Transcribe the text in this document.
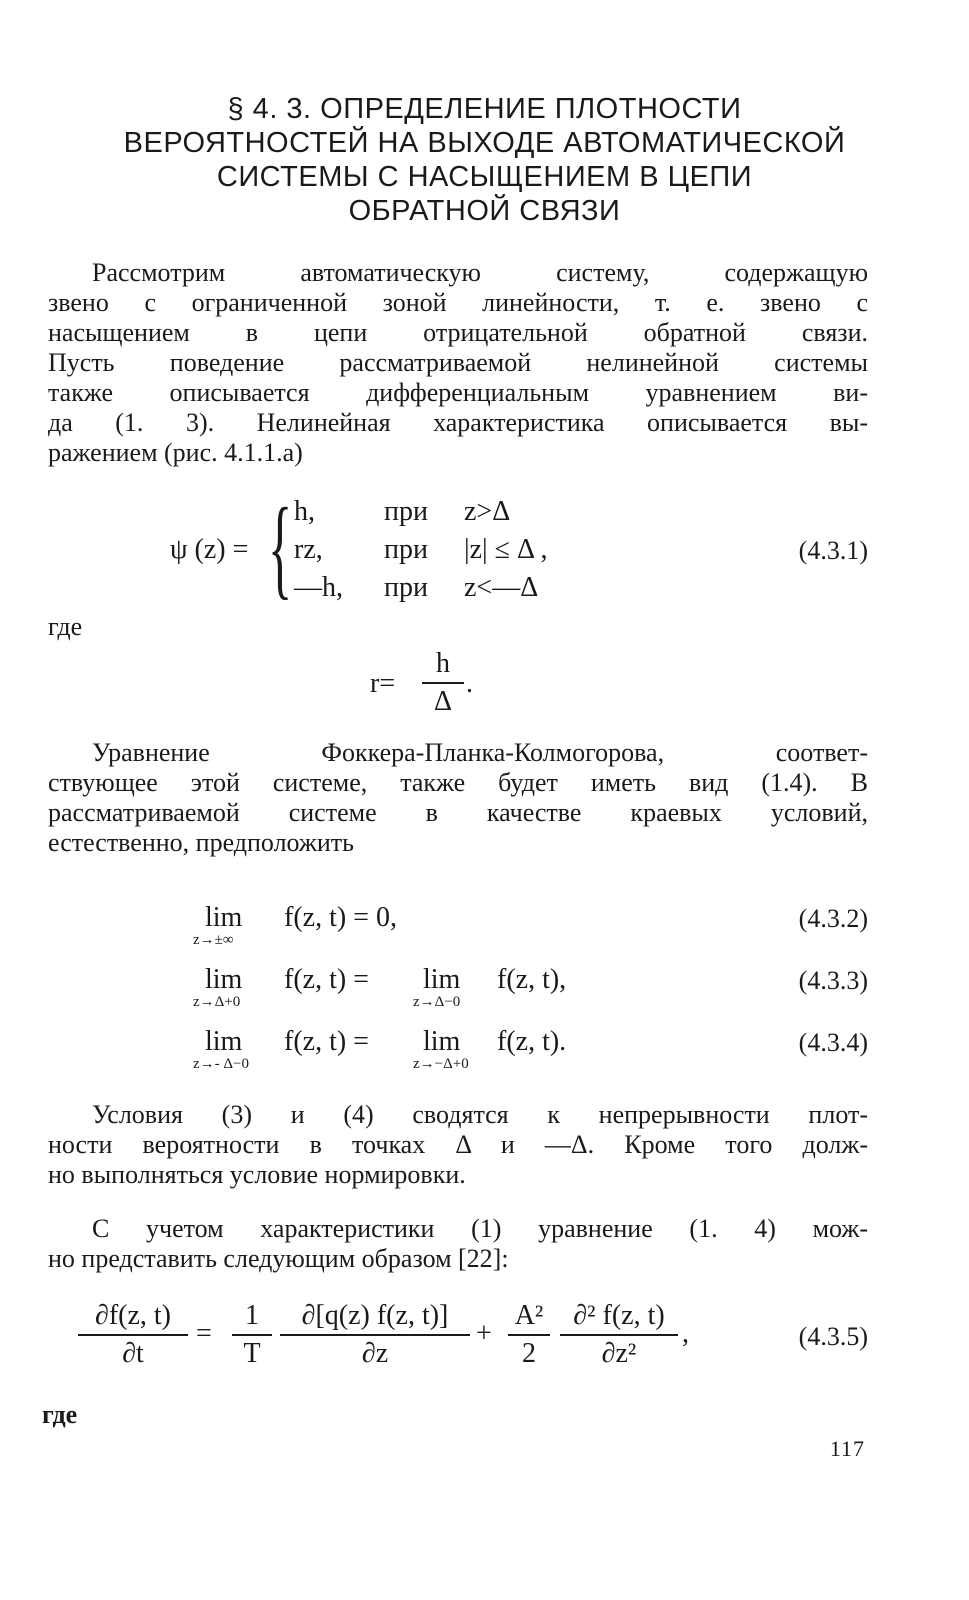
§ 4. 3. ОПРЕДЕЛЕНИЕ ПЛОТНОСТИ
ВЕРОЯТНОСТЕЙ НА ВЫХОДЕ АВТОМАТИЧЕСКОЙ
СИСТЕМЫ С НАСЫЩЕНИЕМ В ЦЕПИ
ОБРАТНОЙ СВЯЗИ
Рассмотрим автоматическую систему, содержащую
звено с ограниченной зоной линейности, т. е. звено с
насыщением в цепи отрицательной обратной связи.
Пусть поведение рассматриваемой нелинейной системы
также описывается дифференциальным уравнением ви-
да (1. 3). Нелинейная характеристика описывается вы-
ражением (рис. 4.1.1.а)
ψ (z) = { h, при z>Δ
rz, при |z| ≤ Δ ,
—h, при z<—Δ
(4.3.1)
где
r=
h
Δ
.
Уравнение Фоккера-Планка-Колмогорова, соответ-
ствующее этой системе, также будет иметь вид (1.4). В
рассматриваемой системе в качестве краевых условий,
естественно, предположить
lim
z→±∞
f(z, t) = 0,	(4.3.2)
lim
z→Δ+0
f(z, t) = lim
z→Δ−0
f(z, t),	(4.3.3)
lim
z→- Δ−0
f(z, t) = lim
z→−Δ+0
f(z, t).	(4.3.4)
Условия (3) и (4) сводятся к непрерывности плот-
ности вероятности в точках Δ и —Δ. Кроме того долж-
но выполняться условие нормировки.
С учетом характеристики (1) уравнение (1. 4) мож-
но представить следующим образом [22]:
∂f(z, t)
∂t
=
1
T
∂[q(z) f(z, t)]
∂z
+
A²
2
∂² f(z, t)
∂z²
,	(4.3.5)
где
117
